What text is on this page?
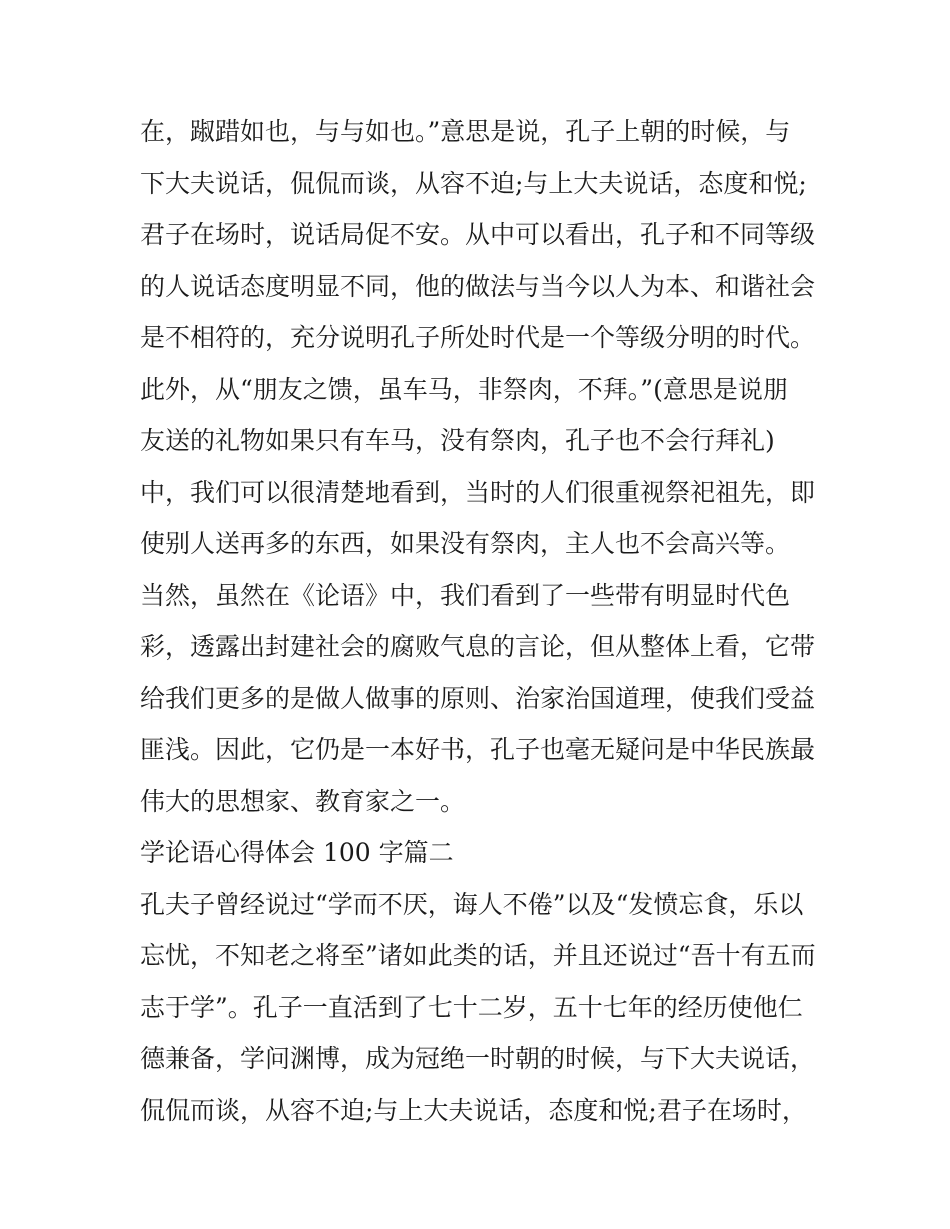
在，踧踖如也，与与如也。”意思是说，孔子上朝的时候，与
下大夫说话，侃侃而谈，从容不迫;与上大夫说话，态度和悦;
君子在场时，说话局促不安。从中可以看出，孔子和不同等级
的人说话态度明显不同，他的做法与当今以人为本、和谐社会
是不相符的，充分说明孔子所处时代是一个等级分明的时代。
此外，从“朋友之馈，虽车马，非祭肉，不拜。”(意思是说朋
友送的礼物如果只有车马，没有祭肉，孔子也不会行拜礼)
中，我们可以很清楚地看到，当时的人们很重视祭祀祖先，即
使别人送再多的东西，如果没有祭肉，主人也不会高兴等。
当然，虽然在《论语》中，我们看到了一些带有明显时代色
彩，透露出封建社会的腐败气息的言论，但从整体上看，它带
给我们更多的是做人做事的原则、治家治国道理，使我们受益
匪浅。因此，它仍是一本好书，孔子也毫无疑问是中华民族最
伟大的思想家、教育家之一。
学论语心得体会 100 字篇二
孔夫子曾经说过“学而不厌，诲人不倦”以及“发愤忘食，乐以
忘忧，不知老之将至”诸如此类的话，并且还说过“吾十有五而
志于学”。孔子一直活到了七十二岁，五十七年的经历使他仁
德兼备，学问渊博，成为冠绝一时朝的时候，与下大夫说话，
侃侃而谈，从容不迫;与上大夫说话，态度和悦;君子在场时，
